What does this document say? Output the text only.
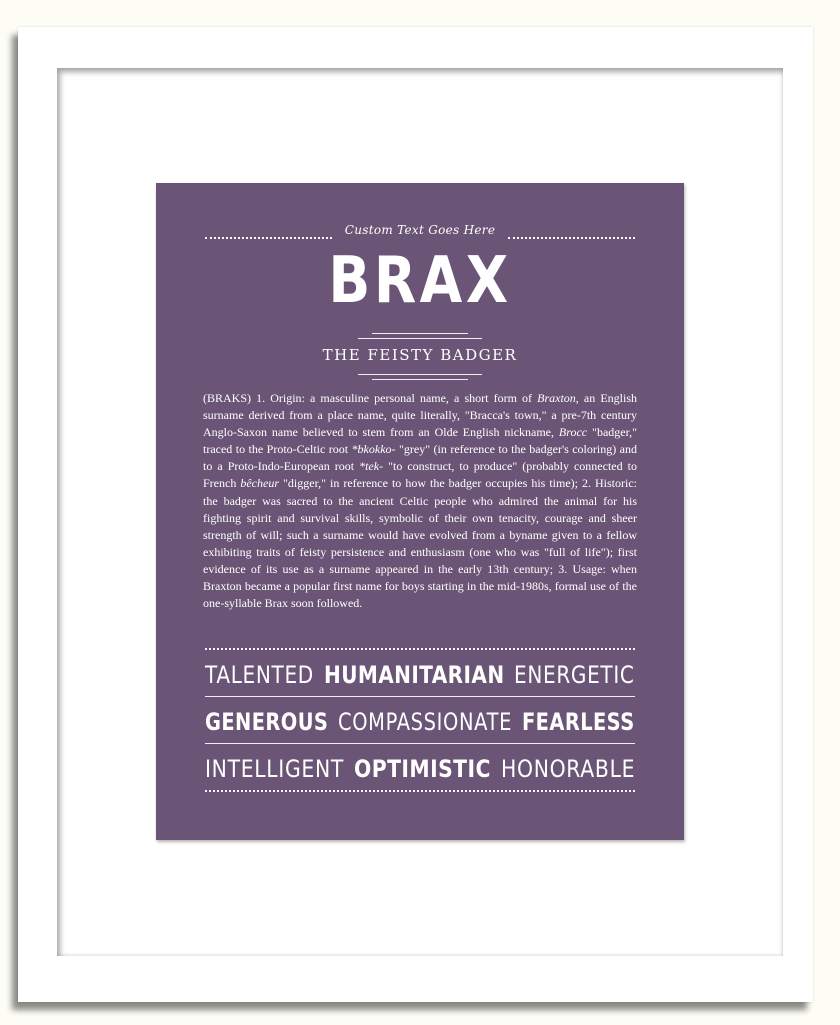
Custom Text Goes Here
BRAX
THE FEISTY BADGER
(BRAKS) 1. Origin: a masculine personal name, a short form of Braxton, an English surname derived from a place name, quite literally, "Bracca's town," a pre-7th century Anglo-Saxon name believed to stem from an Olde English nickname, Brocc "badger," traced to the Proto-Celtic root *bkokko- "grey" (in reference to the badger's coloring) and to a Proto-Indo-European root *tek- "to construct, to produce" (probably connected to French bêcheur "digger," in reference to how the badger occupies his time); 2. Historic: the badger was sacred to the ancient Celtic people who admired the animal for his fighting spirit and survival skills, symbolic of their own tenacity, courage and sheer strength of will; such a surname would have evolved from a byname given to a fellow exhibiting traits of feisty persistence and enthusiasm (one who was "full of life"); first evidence of its use as a surname appeared in the early 13th century; 3. Usage: when Braxton became a popular first name for boys starting in the mid-1980s, formal use of the one-syllable Brax soon followed.
TALENTED HUMANITARIAN ENERGETIC
GENEROUS COMPASSIONATE FEARLESS
INTELLIGENT OPTIMISTIC HONORABLE
